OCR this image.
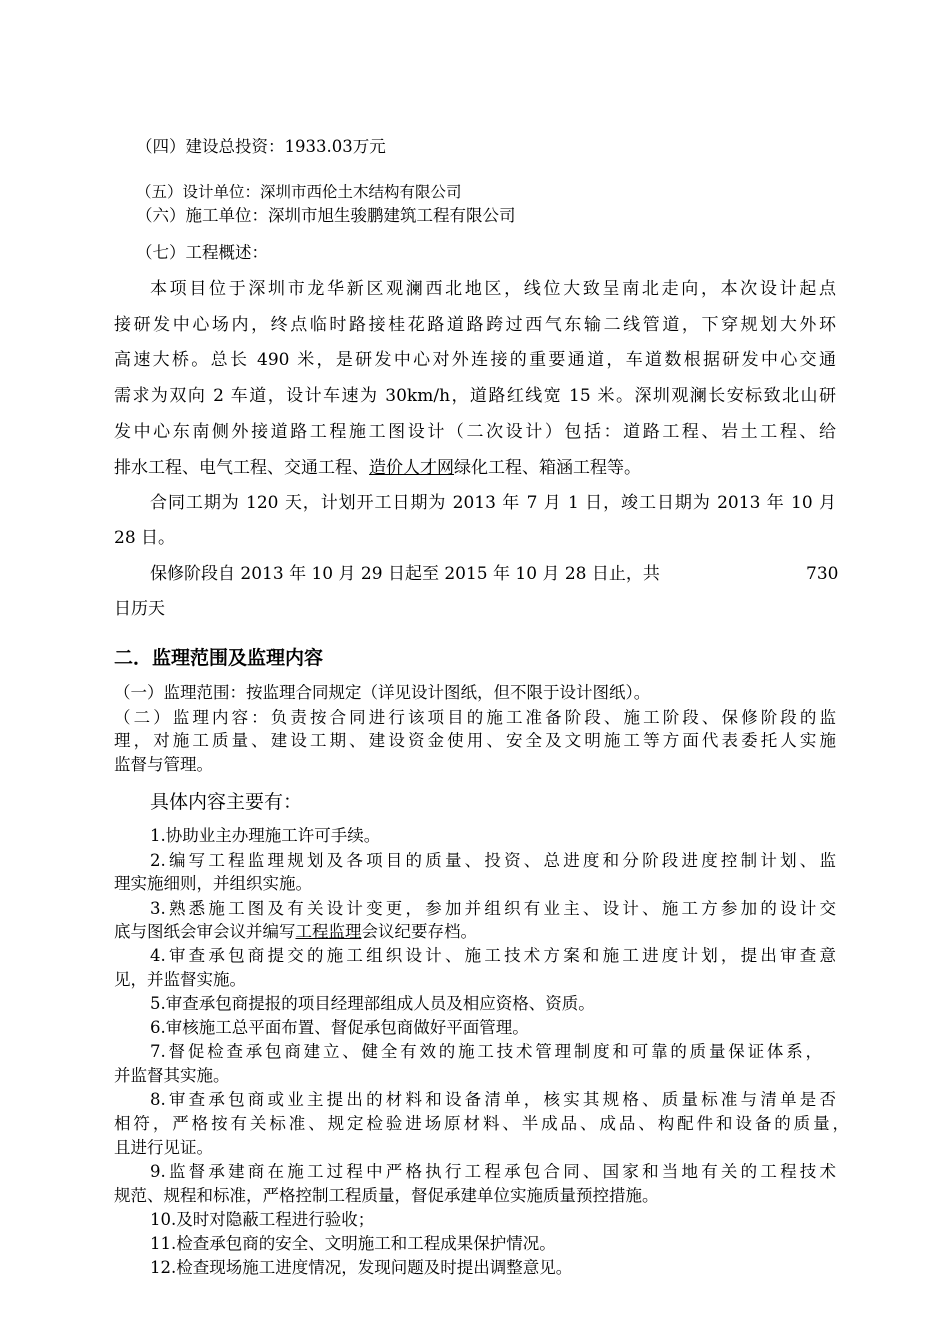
（四）建设总投资：1933.03万元
（五）设计单位：深圳市西伦土木结构有限公司
（六）施工单位：深圳市旭生骏鹏建筑工程有限公司
（七）工程概述：
本项目位于深圳市龙华新区观澜西北地区，线位大致呈南北走向，本次设计起点
接研发中心场内，终点临时路接桂花路道路跨过西气东输二线管道，下穿规划大外环
高速大桥。总长 490 米，是研发中心对外连接的重要通道，车道数根据研发中心交通
需求为双向 2 车道，设计车速为 30km/h，道路红线宽 15 米。深圳观澜长安标致北山研
发中心东南侧外接道路工程施工图设计（二次设计）包括：道路工程、岩土工程、给
排水工程、电气工程、交通工程、造价人才网绿化工程、箱涵工程等。
合同工期为 120 天，计划开工日期为 2013 年 7 月 1 日，竣工日期为 2013 年 10 月
28 日。
保修阶段自 2013 年 10 月 29 日起至 2015 年 10 月 28 日止，共	730
日历天
二．监理范围及监理内容
（一）监理范围：按监理合同规定（详见设计图纸，但不限于设计图纸）。
（二）监理内容：负责按合同进行该项目的施工准备阶段、施工阶段、保修阶段的监
理，对施工质量、建设工期、建设资金使用、安全及文明施工等方面代表委托人实施
监督与管理。
具体内容主要有：
1.协助业主办理施工许可手续。
2.编写工程监理规划及各项目的质量、投资、总进度和分阶段进度控制计划、监
理实施细则，并组织实施。
3.熟悉施工图及有关设计变更，参加并组织有业主、设计、施工方参加的设计交
底与图纸会审会议并编写工程监理会议纪要存档。
4.审查承包商提交的施工组织设计、施工技术方案和施工进度计划，提出审查意
见，并监督实施。
5.审查承包商提报的项目经理部组成人员及相应资格、资质。
6.审核施工总平面布置、督促承包商做好平面管理。
7.督促检查承包商建立、健全有效的施工技术管理制度和可靠的质量保证体系，
并监督其实施。
8.审查承包商或业主提出的材料和设备清单，核实其规格、质量标准与清单是否
相符，严格按有关标准、规定检验进场原材料、半成品、成品、构配件和设备的质量，
且进行见证。
9.监督承建商在施工过程中严格执行工程承包合同、国家和当地有关的工程技术
规范、规程和标准，严格控制工程质量，督促承建单位实施质量预控措施。
10.及时对隐蔽工程进行验收；
11.检查承包商的安全、文明施工和工程成果保护情况。
12.检查现场施工进度情况，发现问题及时提出调整意见。
